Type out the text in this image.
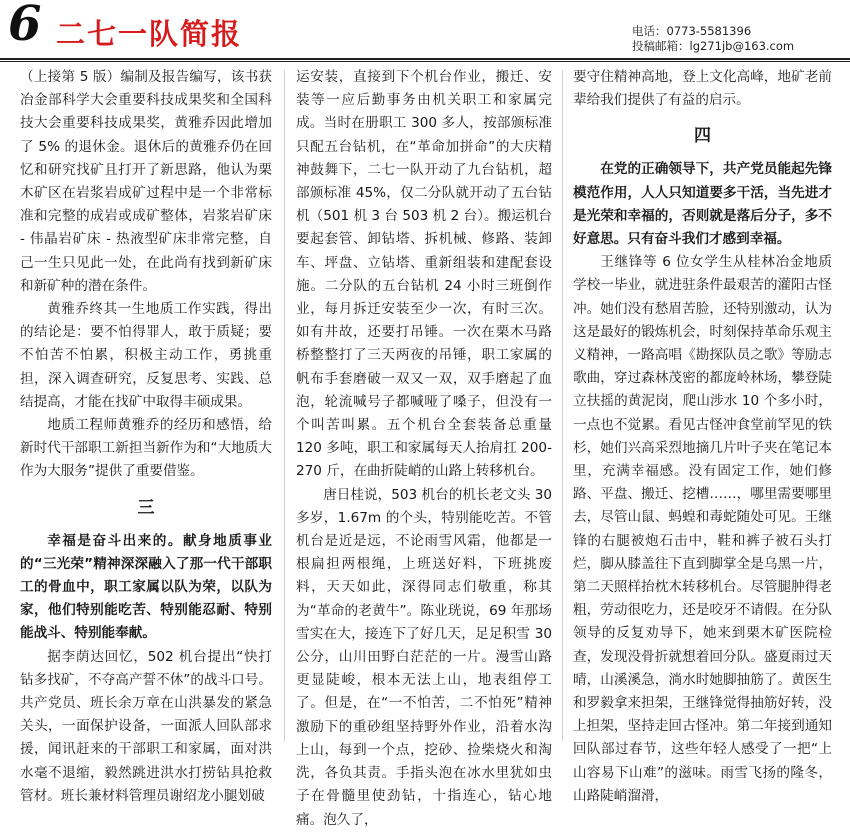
6 二七一队简报	电话：0773-5581396
投稿邮箱：lg271jb@163.com

（上接第 5 版）编制及报告编写，该书获冶金部科学大会重要科技成果奖和全国科技大会重要科技成果奖，黄雅乔因此增加了 5% 的退休金。退休后的黄雅乔仍在回忆和研究找矿且打开了新思路，他认为栗木矿区在岩浆岩成矿过程中是一个非常标准和完整的成岩或成矿整体，岩浆岩矿床 - 伟晶岩矿床 - 热液型矿床非常完整，自己一生只见此一处，在此尚有找到新矿床和新矿种的潜在条件。

黄雅乔终其一生地质工作实践，得出的结论是：要不怕得罪人，敢于质疑；要不怕苦不怕累，积极主动工作，勇挑重担，深入调查研究，反复思考、实践、总结提高，才能在找矿中取得丰硕成果。

地质工程师黄雅乔的经历和感悟，给新时代干部职工新担当新作为和“大地质大作为大服务”提供了重要借鉴。

三

幸福是奋斗出来的。献身地质事业的“三光荣”精神深深融入了那一代干部职工的骨血中，职工家属以队为荣，以队为家，他们特别能吃苦、特别能忍耐、特别能战斗、特别能奉献。

据李荫达回忆，502 机台提出“快打钻多找矿，不夺高产誓不休”的战斗口号。共产党员、班长余万章在山洪暴发的紧急关头，一面保护设备，一面派人回队部求援，闻讯赶来的干部职工和家属，面对洪水毫不退缩，毅然跳进洪水打捞钻具抢救管材。班长兼材料管理员谢绍龙小腿划破

运安装，直接到下个机台作业，搬迁、安装等一应后勤事务由机关职工和家属完成。当时在册职工 300 多人，按部颁标准只配五台钻机，在“革命加拼命”的大庆精神鼓舞下，二七一队开动了九台钻机，超部颁标准 45%，仅二分队就开动了五台钻机（501 机 3 台 503 机 2 台）。搬运机台要起套管、卸钻塔、拆机械、修路、装卸车、坪盘、立钻塔、重新组装和建配套设施。二分队的五台钻机 24 小时三班倒作业，每月拆迁安装至少一次，有时三次。如有井故，还要打吊锤。一次在栗木马路桥整整打了三天两夜的吊锤，职工家属的帆布手套磨破一双又一双，双手磨起了血泡，轮流喊号子都喊哑了嗓子，但没有一个叫苦叫累。五个机台全套装备总重量 120 多吨，职工和家属每天人抬肩扛 200-270 斤，在曲折陡峭的山路上转移机台。

唐日桂说，503 机台的机长老文头 30 多岁，1.67m 的个头，特别能吃苦。不管机台是近是远，不论雨雪风霜，他都是一根扁担两根绳，上班送好料，下班挑废料，天天如此，深得同志们敬重，称其为“革命的老黄牛”。陈业珖说，69 年那场雪实在大，接连下了好几天，足足积雪 30 公分，山川田野白茫茫的一片。漫雪山路更显陡峻，根本无法上山，地表组停工了。但是，在“一不怕苦，二不怕死”精神激励下的重砂组坚持野外作业，沿着水沟上山，每到一个点，挖砂、捡柴烧火和淘洗，各负其责。手指头泡在冰水里犹如虫子在骨髓里使劲钻，十指连心，钻心地痛。泡久了，

要守住精神高地，登上文化高峰，地矿老前辈给我们提供了有益的启示。

四

在党的正确领导下，共产党员能起先锋模范作用，人人只知道要多干活，当先进才是光荣和幸福的，否则就是落后分子，多不好意思。只有奋斗我们才感到幸福。

王继锋等 6 位女学生从桂林冶金地质学校一毕业，就进驻条件最艰苦的灌阳古怪冲。她们没有愁眉苦脸，还特别激动，认为这是最好的锻炼机会，时刻保持革命乐观主义精神，一路高唱《勘探队员之歌》等励志歌曲，穿过森林茂密的都庞岭林场，攀登陡立扶摇的黄泥岗，爬山涉水 10 个多小时，一点也不觉累。看见古怪冲食堂前罕见的铁杉，她们兴高采烈地摘几片叶子夹在笔记本里，充满幸福感。没有固定工作，她们修路、平盘、搬迁、挖槽……，哪里需要哪里去，尽管山鼠、蚂蝗和毒蛇随处可见。王继锋的右腿被炮石击中，鞋和裤子被石头打烂，脚从膝盖往下直到脚掌全是乌黑一片，第二天照样抬枕木转移机台。尽管腿肿得老粗，劳动很吃力，还是咬牙不请假。在分队领导的反复劝导下，她来到栗木矿医院检查，发现没骨折就想着回分队。盛夏雨过天晴，山溪溪急，淌水时她脚抽筋了。黄医生和罗毅拿来担架，王继锋觉得抽筋好转，没上担架，坚持走回古怪冲。第二年接到通知回队部过春节，这些年轻人感受了一把“上山容易下山难”的滋味。雨雪飞扬的隆冬，山路陡峭溜滑，
